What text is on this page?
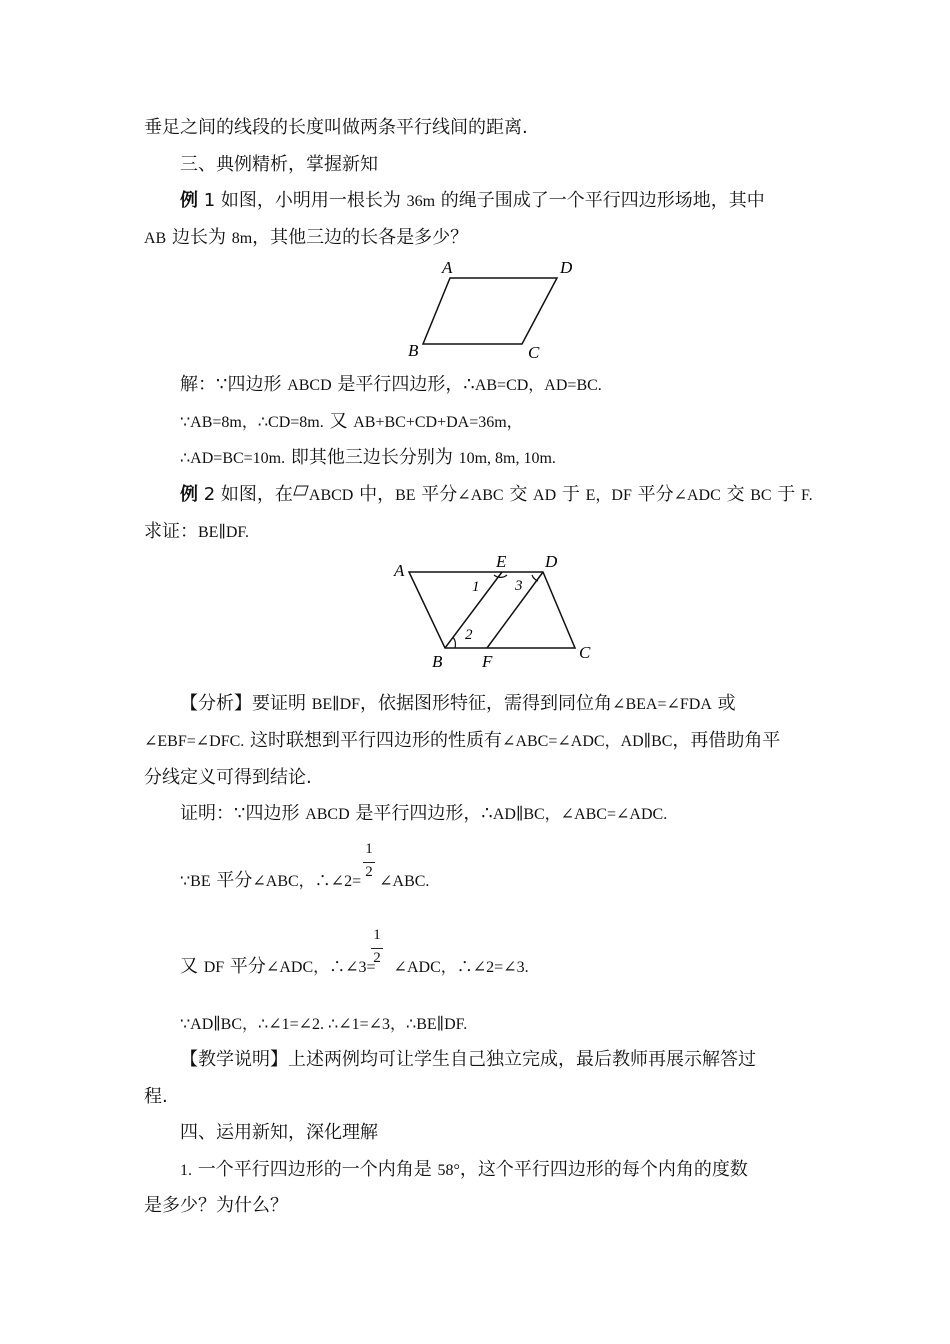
垂足之间的线段的长度叫做两条平行线间的距离.
三、典例精析，掌握新知
例 1 如图，小明用一根长为 36m 的绳子围成了一个平行四边形场地，其中
AB 边长为 8m，其他三边的长各是多少？
A	D
B	C
解：∵四边形 ABCD 是平行四边形，∴AB=CD，AD=BC.
∵AB=8m，∴CD=8m. 又 AB+BC+CD+DA=36m，
∴AD=BC=10m. 即其他三边长分别为 10m, 8m, 10m.
例 2 如图，在 ABCD 中，BE 平分∠ABC 交 AD 于 E，DF 平分∠ADC 交 BC 于 F.
求证：BE∥DF.
A	E D
B F	C
1
2
3
【分析】要证明 BE∥DF，依据图形特征，需得到同位角∠BEA=∠FDA 或
∠EBF=∠DFC. 这时联想到平行四边形的性质有∠ABC=∠ADC，AD∥BC，再借助角平
分线定义可得到结论.
证明：∵四边形 ABCD 是平行四边形，∴AD∥BC，∠ABC=∠ADC.
1
2
∵BE 平分∠ABC，∴∠2= ∠ABC.
1
2
又 DF 平分∠ADC，∴∠3= ∠ADC，∴∠2=∠3.
∵AD∥BC，∴∠1=∠2. ∴∠1=∠3，∴BE∥DF.
【教学说明】上述两例均可让学生自己独立完成，最后教师再展示解答过
程.
四、运用新知，深化理解
1. 一个平行四边形的一个内角是 58°，这个平行四边形的每个内角的度数
是多少？为什么？
